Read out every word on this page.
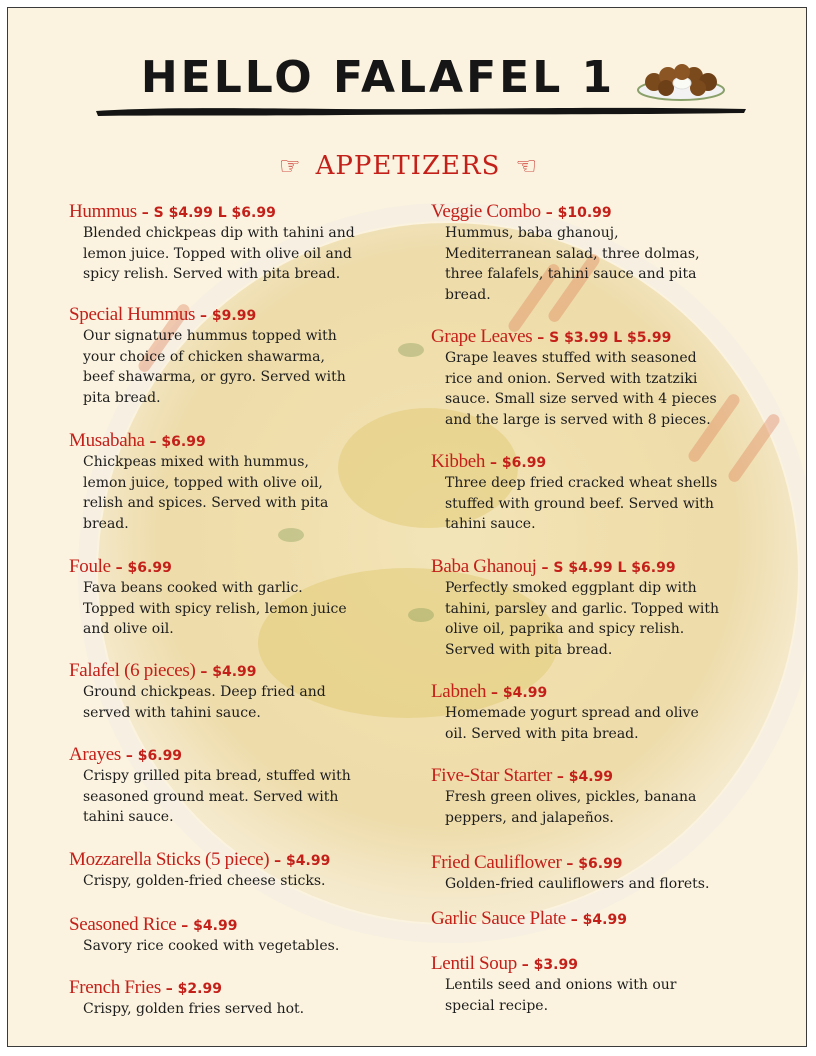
HELLO FALAFEL 1
☞ APPETIZERS ☜
Hummus – S $4.99 L $6.99
Blended chickpeas dip with tahini and
lemon juice. Topped with olive oil and
spicy relish. Served with pita bread.
Special Hummus – $9.99
Our signature hummus topped with
your choice of chicken shawarma,
beef shawarma, or gyro. Served with
pita bread.
Musabaha – $6.99
Chickpeas mixed with hummus,
lemon juice, topped with olive oil,
relish and spices. Served with pita
bread.
Foule – $6.99
Fava beans cooked with garlic.
Topped with spicy relish, lemon juice
and olive oil.
Falafel (6 pieces) – $4.99
Ground chickpeas. Deep fried and
served with tahini sauce.
Arayes – $6.99
Crispy grilled pita bread, stuffed with
seasoned ground meat. Served with
tahini sauce.
Mozzarella Sticks (5 piece) – $4.99
Crispy, golden-fried cheese sticks.
Seasoned Rice – $4.99
Savory rice cooked with vegetables.
French Fries – $2.99
Crispy, golden fries served hot.
Veggie Combo – $10.99
Hummus, baba ghanouj,
Mediterranean salad, three dolmas,
three falafels, tahini sauce and pita
bread.
Grape Leaves – S $3.99 L $5.99
Grape leaves stuffed with seasoned
rice and onion. Served with tzatziki
sauce. Small size served with 4 pieces
and the large is served with 8 pieces.
Kibbeh – $6.99
Three deep fried cracked wheat shells
stuffed with ground beef. Served with
tahini sauce.
Baba Ghanouj – S $4.99 L $6.99
Perfectly smoked eggplant dip with
tahini, parsley and garlic. Topped with
olive oil, paprika and spicy relish.
Served with pita bread.
Labneh – $4.99
Homemade yogurt spread and olive
oil. Served with pita bread.
Five-Star Starter – $4.99
Fresh green olives, pickles, banana
peppers, and jalapeños.
Fried Cauliflower – $6.99
Golden-fried cauliflowers and florets.
Garlic Sauce Plate – $4.99
Lentil Soup – $3.99
Lentils seed and onions with our
special recipe.
